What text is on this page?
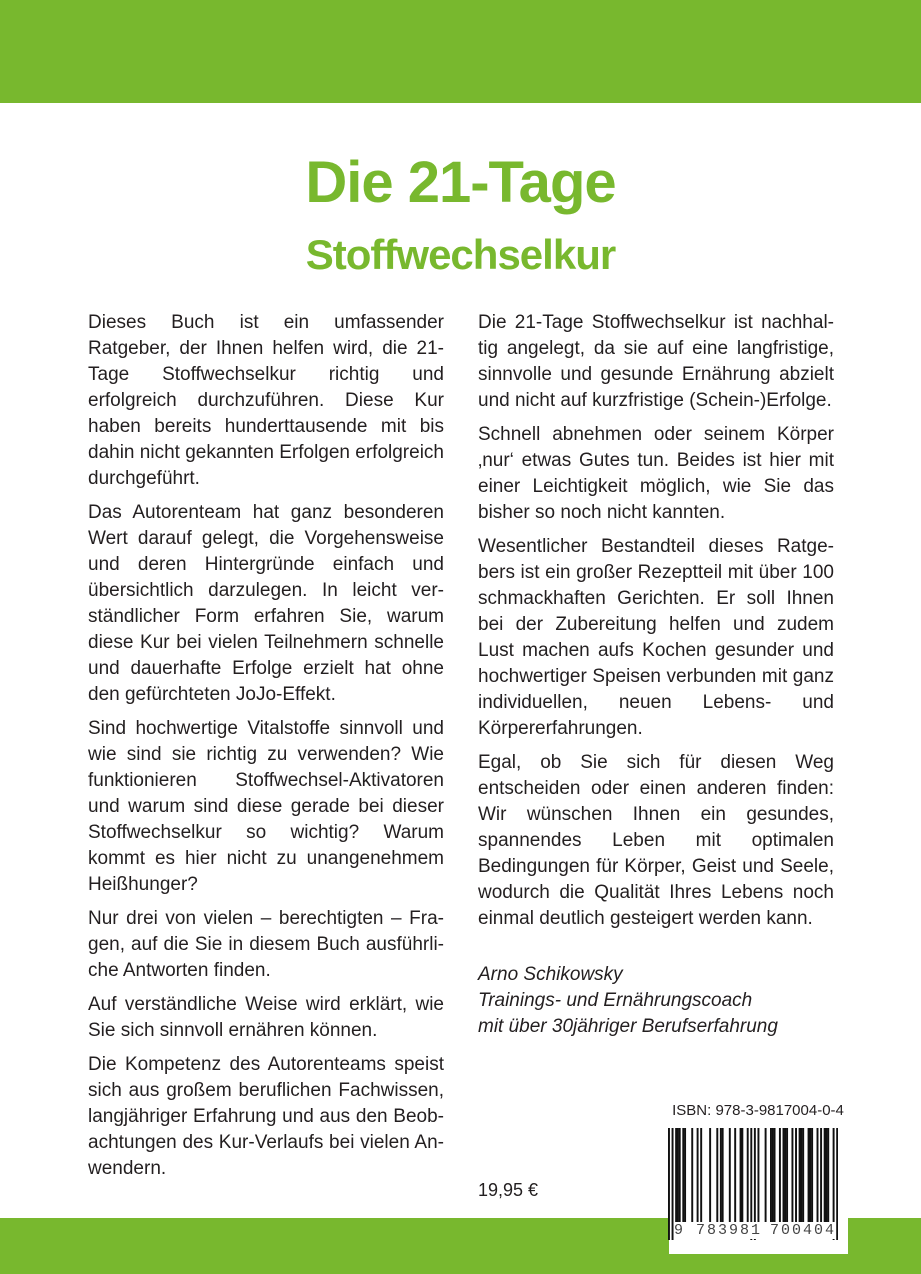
Die 21-Tage
Stoffwechselkur

Dieses Buch ist ein umfassender Ratgeber, der Ihnen helfen wird, die 21-Tage Stoffwechselkur richtig und erfolgreich durchzuführen. Diese Kur haben bereits hunderttausende mit bis dahin nicht gekannten Erfolgen erfolgreich durchgeführt.

Das Autorenteam hat ganz besonderen Wert darauf gelegt, die Vorgehensweise und deren Hintergründe einfach und übersichtlich darzulegen. In leicht verständlicher Form erfahren Sie, warum diese Kur bei vielen Teilnehmern schnelle und dauerhafte Erfolge erzielt hat ohne den gefürchteten JoJo-Effekt.

Sind hochwertige Vitalstoffe sinnvoll und wie sind sie richtig zu verwenden? Wie funktionieren Stoffwechsel-Aktivatoren und warum sind diese gerade bei dieser Stoffwechselkur so wichtig? Warum kommt es hier nicht zu unangenehmem Heißhunger?

Nur drei von vielen – berechtigten – Fragen, auf die Sie in diesem Buch ausführliche Antworten finden.

Auf verständliche Weise wird erklärt, wie Sie sich sinnvoll ernähren können.

Die Kompetenz des Autorenteams speist sich aus großem beruflichen Fachwissen, langjähriger Erfahrung und aus den Beobachtungen des Kur-Verlaufs bei vielen Anwendern.

Die 21-Tage Stoffwechselkur ist nachhaltig angelegt, da sie auf eine langfristige, sinnvolle und gesunde Ernährung abzielt und nicht auf kurzfristige (Schein-)Erfolge.

Schnell abnehmen oder seinem Körper ‚nur‘ etwas Gutes tun. Beides ist hier mit einer Leichtigkeit möglich, wie Sie das bisher so noch nicht kannten.

Wesentlicher Bestandteil dieses Ratgebers ist ein großer Rezeptteil mit über 100 schmackhaften Gerichten. Er soll Ihnen bei der Zubereitung helfen und zudem Lust machen aufs Kochen gesunder und hochwertiger Speisen verbunden mit ganz individuellen, neuen Lebens- und Körpererfahrungen.

Egal, ob Sie sich für diesen Weg entscheiden oder einen anderen finden: Wir wünschen Ihnen ein gesundes, spannendes Leben mit optimalen Bedingungen für Körper, Geist und Seele, wodurch die Qualität Ihres Lebens noch einmal deutlich gesteigert werden kann.

Arno Schikowsky
Trainings- und Ernährungscoach
mit über 30jähriger Berufserfahrung
19,95 €
ISBN: 978-3-9817004-0-4
9 783981 700404
